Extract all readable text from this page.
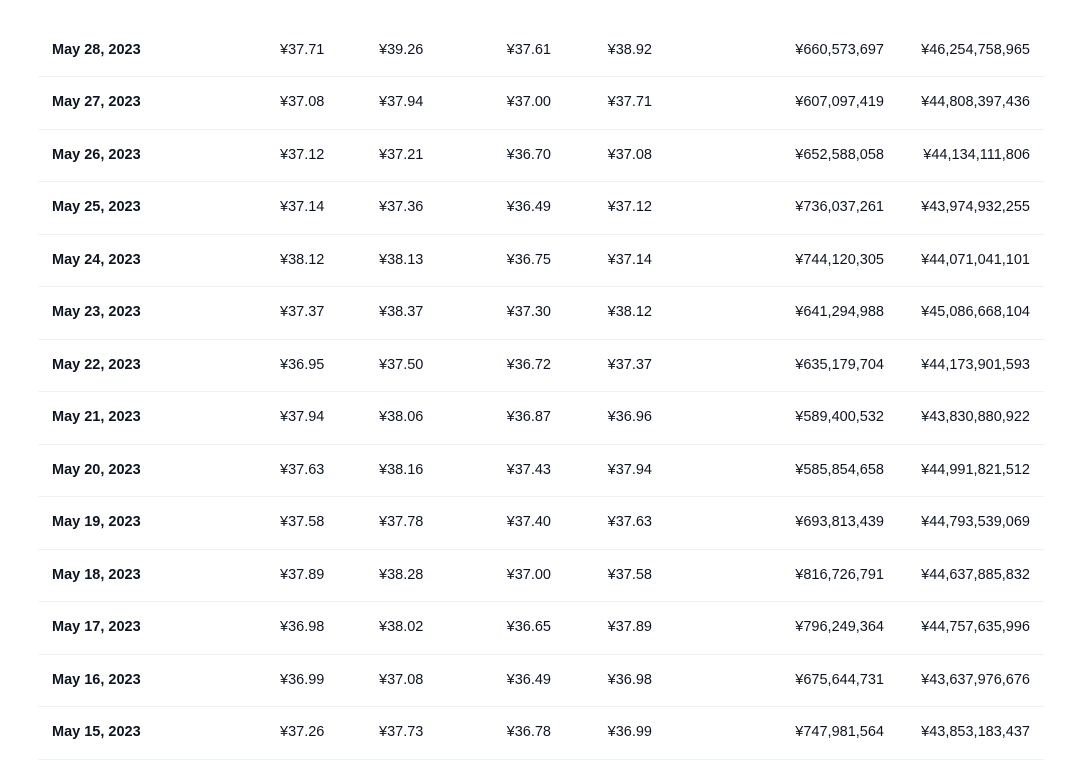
May 28, 2023	¥37.71	¥39.26	¥37.61	¥38.92	¥660,573,697	¥46,254,758,965
May 27, 2023	¥37.08	¥37.94	¥37.00	¥37.71	¥607,097,419	¥44,808,397,436
May 26, 2023	¥37.12	¥37.21	¥36.70	¥37.08	¥652,588,058	¥44,134,111,806
May 25, 2023	¥37.14	¥37.36	¥36.49	¥37.12	¥736,037,261	¥43,974,932,255
May 24, 2023	¥38.12	¥38.13	¥36.75	¥37.14	¥744,120,305	¥44,071,041,101
May 23, 2023	¥37.37	¥38.37	¥37.30	¥38.12	¥641,294,988	¥45,086,668,104
May 22, 2023	¥36.95	¥37.50	¥36.72	¥37.37	¥635,179,704	¥44,173,901,593
May 21, 2023	¥37.94	¥38.06	¥36.87	¥36.96	¥589,400,532	¥43,830,880,922
May 20, 2023	¥37.63	¥38.16	¥37.43	¥37.94	¥585,854,658	¥44,991,821,512
May 19, 2023	¥37.58	¥37.78	¥37.40	¥37.63	¥693,813,439	¥44,793,539,069
May 18, 2023	¥37.89	¥38.28	¥37.00	¥37.58	¥816,726,791	¥44,637,885,832
May 17, 2023	¥36.98	¥38.02	¥36.65	¥37.89	¥796,249,364	¥44,757,635,996
May 16, 2023	¥36.99	¥37.08	¥36.49	¥36.98	¥675,644,731	¥43,637,976,676
May 15, 2023	¥37.26	¥37.73	¥36.78	¥36.99	¥747,981,564	¥43,853,183,437
